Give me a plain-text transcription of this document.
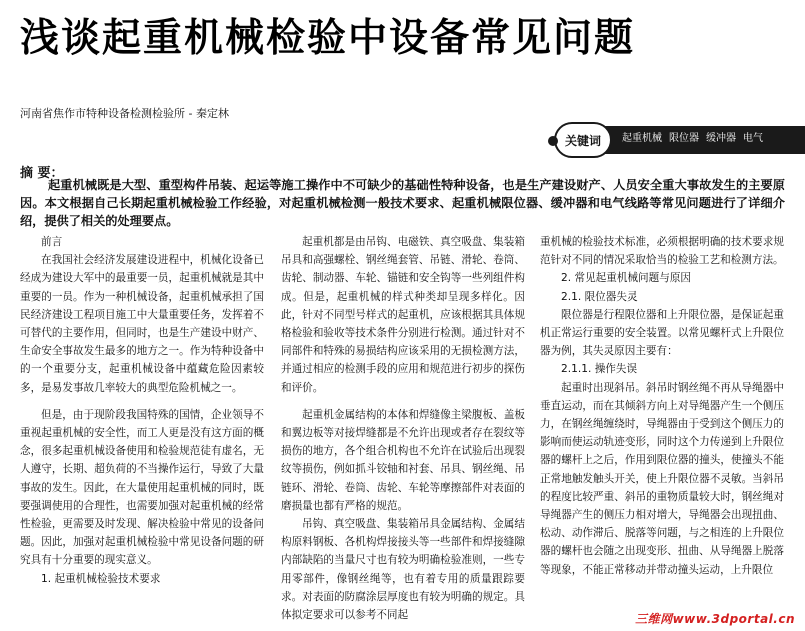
浅谈起重机械检验中设备常见问题
河南省焦作市特种设备检测检验所 - 秦定林
关键词	起重机械 限位器 缓冲器 电气
摘 要：
起重机械既是大型、重型构件吊装、起运等施工操作中不可缺少的基础性特种设备，也是生产建设财产、人员安全重大事故发生的主要原因。本文根据自己长期起重机械检验工作经验，对起重机械检测一般技术要求、起重机械限位器、缓冲器和电气线路等常见问题进行了详细介绍，提供了相关的处理要点。

前言

在我国社会经济发展建设进程中，机械化设备已经成为建设大军中的最重要一员，起重机械就是其中重要的一员。作为一种机械设备，起重机械承担了国民经济建设工程项目施工中大量重要任务，发挥着不可替代的主要作用，但同时，也是生产建设中财产、生命安全事故发生最多的地方之一。作为特种设备中的一个重要分支，起重机械设备中蕴藏危险因素较多，是易发事故几率较大的典型危险机械之一。

但是，由于现阶段我国特殊的国情，企业领导不重视起重机械的安全性，而工人更是没有这方面的概念，很多起重机械设备使用和检验规范徒有虚名，无人遵守，长期、超负荷的不当操作运行，导致了大量事故的发生。因此，在大量使用起重机械的同时，既要强调使用的合理性，也需要加强对起重机械的经常性检验，更需要及时发现、解决检验中常见的设备问题。因此，加强对起重机械检验中常见设备问题的研究具有十分重要的现实意义。

1. 起重机械检验技术要求

起重机都是由吊钩、电磁铁、真空吸盘、集装箱吊具和高强螺栓、钢丝绳套管、吊链、滑轮、卷筒、齿轮、制动器、车轮、锚链和安全钩等一些列组件构成。但是，起重机械的样式种类却呈现多样化。因此，针对不同型号样式的起重机，应该根据其具体规格检验和验收等技术条件分别进行检测。通过针对不同部件和特殊的易损结构应该采用的无损检测方法，并通过相应的检测手段的应用和规范进行初步的探伤和评价。

起重机金属结构的本体和焊缝像主梁腹板、盖板和翼边板等对接焊缝都是不允许出现或者存在裂纹等损伤的地方，各个组合机构也不允许在试验后出现裂纹等损伤，例如抓斗铰轴和衬套、吊具、钢丝绳、吊链环、滑轮、卷筒、齿轮、车轮等摩擦部件对表面的磨损量也都有严格的规范。

吊钩、真空吸盘、集装箱吊具金属结构、金属结构原料钢板、各机构焊接接头等一些部件和焊接缝隙内部缺陷的当量尺寸也有较为明确检验准则，一些专用零部件，像钢丝绳等，也有着专用的质量跟踪要求。对表面的防腐涂层厚度也有较为明确的规定。具体拟定要求可以参考不同起

重机械的检验技术标准，必须根据明确的技术要求规范针对不同的情况采取恰当的检验工艺和检测方法。

2. 常见起重机械问题与原因

2.1. 限位器失灵

限位器是行程限位器和上升限位器，是保证起重机正常运行重要的安全装置。以常见螺杆式上升限位器为例，其失灵原因主要有：

2.1.1. 操作失误

起重时出现斜吊。斜吊时钢丝绳不再从导绳器中垂直运动，而在其倾斜方向上对导绳器产生一个侧压力，在钢丝绳缠绕时，导绳器由于受到这个侧压力的影响而使运动轨迹变形，同时这个力传递到上升限位器的螺杆上之后，作用到限位器的撞头，使撞头不能正常地触发触头开关，使上升限位器不灵敏。当斜吊的程度比较严重、斜吊的重物质量较大时，钢丝绳对导绳器产生的侧压力相对增大，导绳器会出现扭曲、松动、动作滞后、脱落等问题，与之相连的上升限位器的螺杆也会随之出现变形、扭曲、从导绳器上脱落等现象，不能正常移动并带动撞头运动，上升限位

三维网www.3dportal.cn
